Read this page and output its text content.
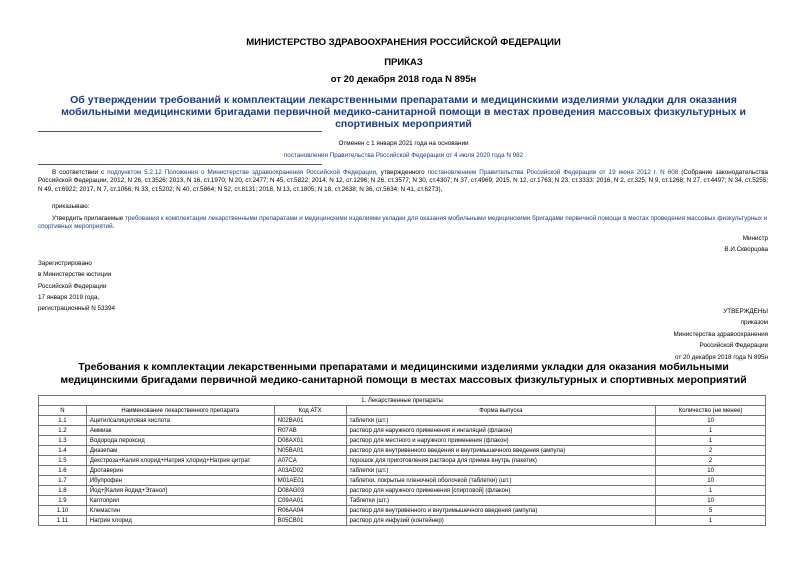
МИНИСТЕРСТВО ЗДРАВООХРАНЕНИЯ РОССИЙСКОЙ ФЕДЕРАЦИИ
ПРИКАЗ
от 20 декабря 2018 года N 895н
Об утверждении требований к комплектации лекарственными препаратами и медицинскими изделиями укладки для оказания мобильными медицинскими бригадами первичной медико-санитарной помощи в местах проведения массовых физкультурных и спортивных мероприятий
Отменен с 1 января 2021 года на основании
постановления Правительства Российской Федерации от 4 июля 2020 года N 982
В соответствии с подпунктом 5.2.12 Положения о Министерстве здравоохранения Российской Федерации, утвержденного постановлением Правительства Российской Федерации от 19 июня 2012 г. N 608 (Собрание законодательства Российской Федерации, 2012, N 26, ст.3526; 2013, N 16, ст.1970; N 20, ст.2477; N 45, ст.5822; 2014, N 12, ст.1296; N 26, ст.3577; N 30, ст.4307; N 37, ст.4969; 2015, N 12, ст.1763; N 23, ст.3333; 2016, N 2, ст.325; N 9, ст.1268; N 27, ст.4497; N 34, ст.5255; N 49, ст.6922; 2017, N 7, ст.1066; N 33, ст.5202; N 40, ст.5864; N 52, ст.8131; 2018, N 13, ст.1805; N 18, ст.2638; N 36, ст.5634; N 41, ст.6273),
приказываю:
Утвердить прилагаемые требования к комплектации лекарственными препаратами и медицинскими изделиями укладки для оказания мобильными медицинскими бригадами первичной помощи в местах проведения массовых физкультурных и спортивных мероприятий.
Министр
В.И.Скворцова
Зарегистрировано
в Министерстве юстиции
Российской Федерации
17 января 2019 года,
регистрационный N 53394	УТВЕРЖДЕНЫ
приказом
Министерства здравоохранения
Российской Федерации
от 20 декабря 2018 года N 895н
Требования к комплектации лекарственными препаратами и медицинскими изделиями укладки для оказания мобильными медицинскими бригадами первичной медико-санитарной помощи в местах массовых физкультурных и спортивных мероприятий
1. Лекарственные препараты				
N	Наименование лекарственного препарата	Код АТХ	Форма выпуска	Количество (не менее)
1.1	Ацетилсалициловая кислота	N02BA01	таблетки (шт.)	10
1.2	Аммиак	R07AB	раствор для наружного применения и ингаляций (флакон)	1
1.3	Водорода пероксид	D08AX01	раствор для местного и наружного применения (флакон)	1
1.4	Диазепам	N05BA01	раствор для внутривенного введения и внутримышечного введения (ампула)	2
1.5	Декстроза+Калия хлорид+Натрия хлорид+Натрия цитрат	A07CA	порошок для приготовления раствора для приема внутрь (пакетик)	2
1.6	Дротаверин	A03AD02	таблетки (шт.)	10
1.7	Ибупрофен	M01AE01	таблетки, покрытые пленочной оболочкой (таблетки) (шт.)	10
1.8	Йод+[Калия йодид+Этанол]	D08AG03	раствор для наружного применения [спиртовой] (флакон)	1
1.9	Каптоприл	C09AA01	Таблетки (шт.)	10
1.10	Клемастин	R06AA04	раствор для внутривенного и внутримышечного введения (ампула)	5
1.11	Натрия хлорид	B05CB01	раствор для инфузий (контейнер)	1
